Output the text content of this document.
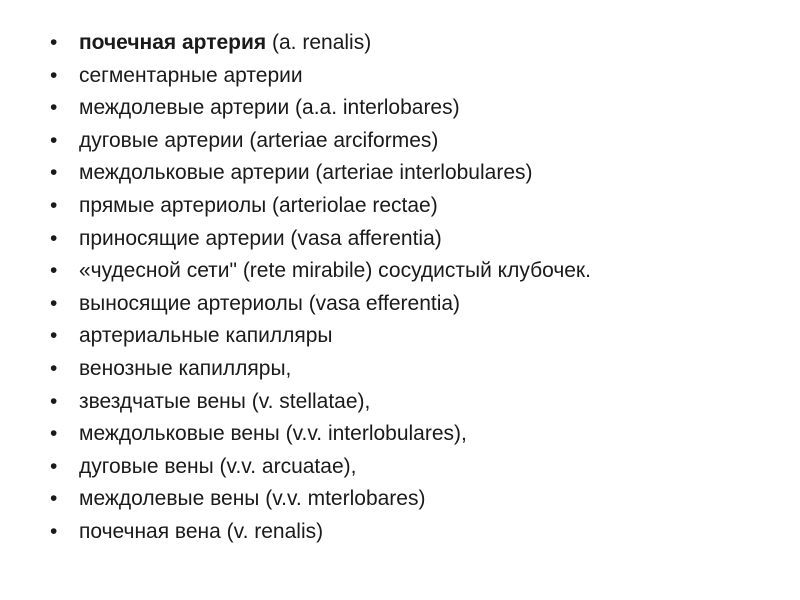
•	почечная артерия (a. renalis)
•	сегментарные артерии
•	междолевые артерии (a.a. interlobares)
•	дуговые артерии (arteriae arciformes)
•	междольковые артерии (arteriae interlobulares)
•	прямые артериолы (arteriolae rectae)
•	приносящие артерии (vasa afferentia)
•	«чудесной сети" (rete mirabile) сосудистый клубочек.
•	выносящие артериолы (vasa efferentia)
•	артериальные капилляры
•	венозные капилляры,
•	звездчатые вены (v. stellatae),
•	междольковые вены (v.v. interlobulares),
•	дуговые вены (v.v. arcuatae),
•	междолевые вены (v.v. mterlobares)
•	почечная вена (v. renalis)
